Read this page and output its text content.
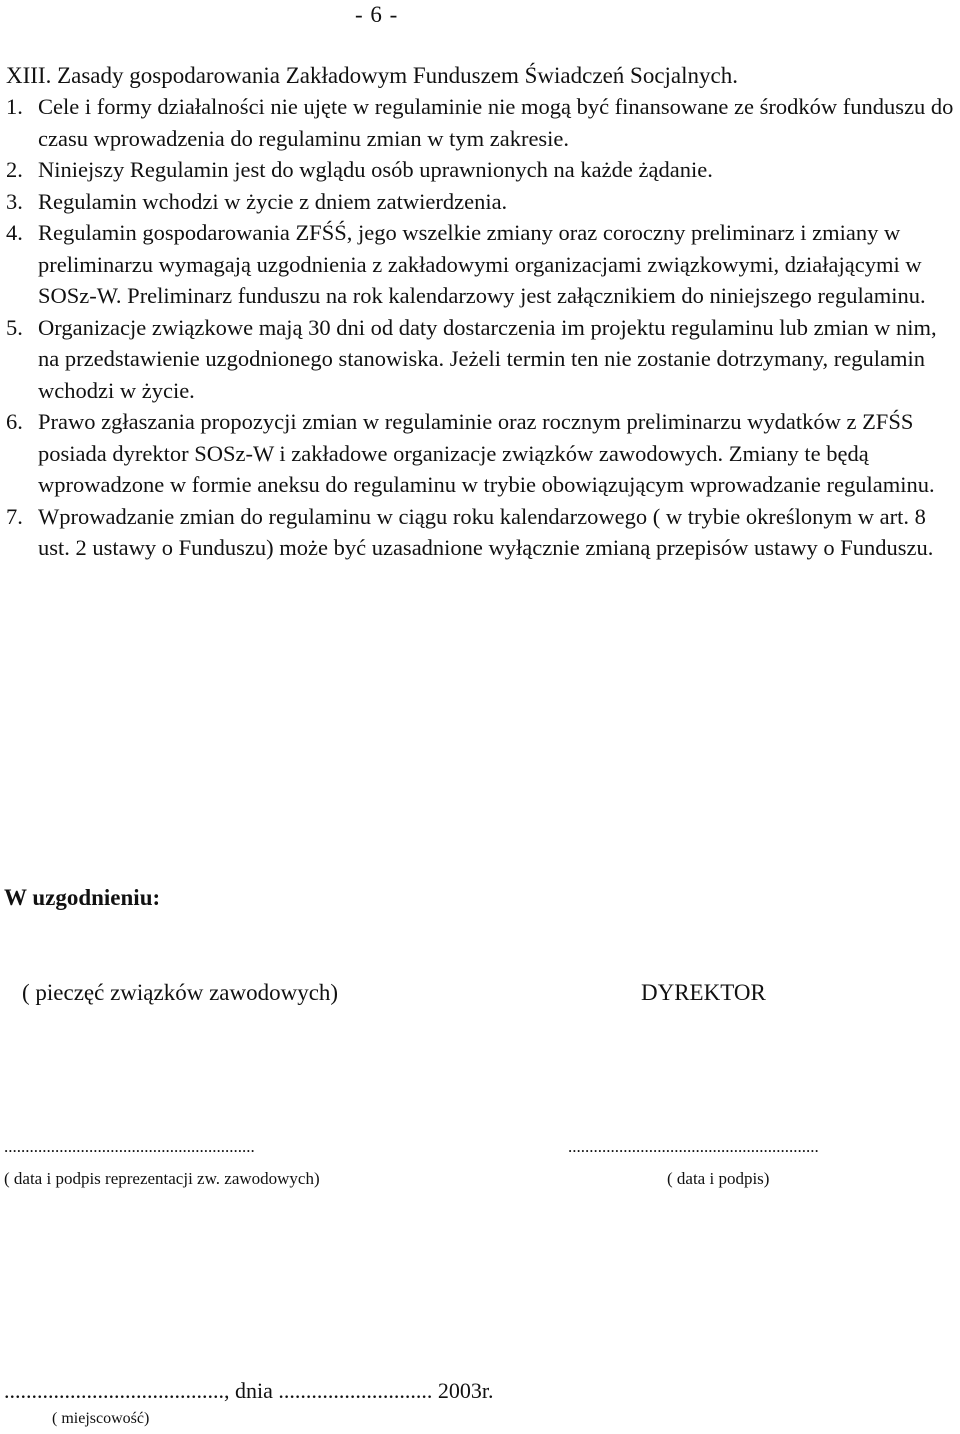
- 6 -
XIII. Zasady gospodarowania Zakładowym Funduszem Świadczeń Socjalnych.
1. Cele i formy działalności nie ujęte w regulaminie nie mogą być finansowane ze środków funduszu do czasu wprowadzenia do regulaminu zmian w tym zakresie.
2. Niniejszy Regulamin jest do wglądu osób uprawnionych na każde żądanie.
3. Regulamin wchodzi w życie z dniem zatwierdzenia.
4. Regulamin gospodarowania ZFŚŚ, jego wszelkie zmiany oraz coroczny preliminarz i zmiany w preliminarzu wymagają uzgodnienia z zakładowymi organizacjami związkowymi, działającymi w SOSz-W. Preliminarz funduszu na rok kalendarzowy jest załącznikiem do niniejszego regulaminu.
5. Organizacje związkowe mają 30 dni od daty dostarczenia im projektu regulaminu lub zmian w nim, na przedstawienie uzgodnionego stanowiska. Jeżeli termin ten nie zostanie dotrzymany, regulamin wchodzi w życie.
6. Prawo zgłaszania propozycji zmian w regulaminie oraz rocznym preliminarzu wydatków z ZFŚS posiada dyrektor SOSz-W i zakładowe organizacje związków zawodowych. Zmiany te będą wprowadzone w formie aneksu do regulaminu w trybie obowiązującym wprowadzanie regulaminu.
7. Wprowadzanie zmian do regulaminu w ciągu roku kalendarzowego ( w trybie określonym w art. 8 ust. 2 ustawy o Funduszu) może być uzasadnione wyłącznie zmianą przepisów ustawy o Funduszu.
W uzgodnieniu:
( pieczęć związków zawodowych)	DYREKTOR
...........................................................	...........................................................
( data i podpis reprezentacji zw. zawodowych)	( data i podpis)
........................................, dnia ............................ 2003r.
( miejscowość)
